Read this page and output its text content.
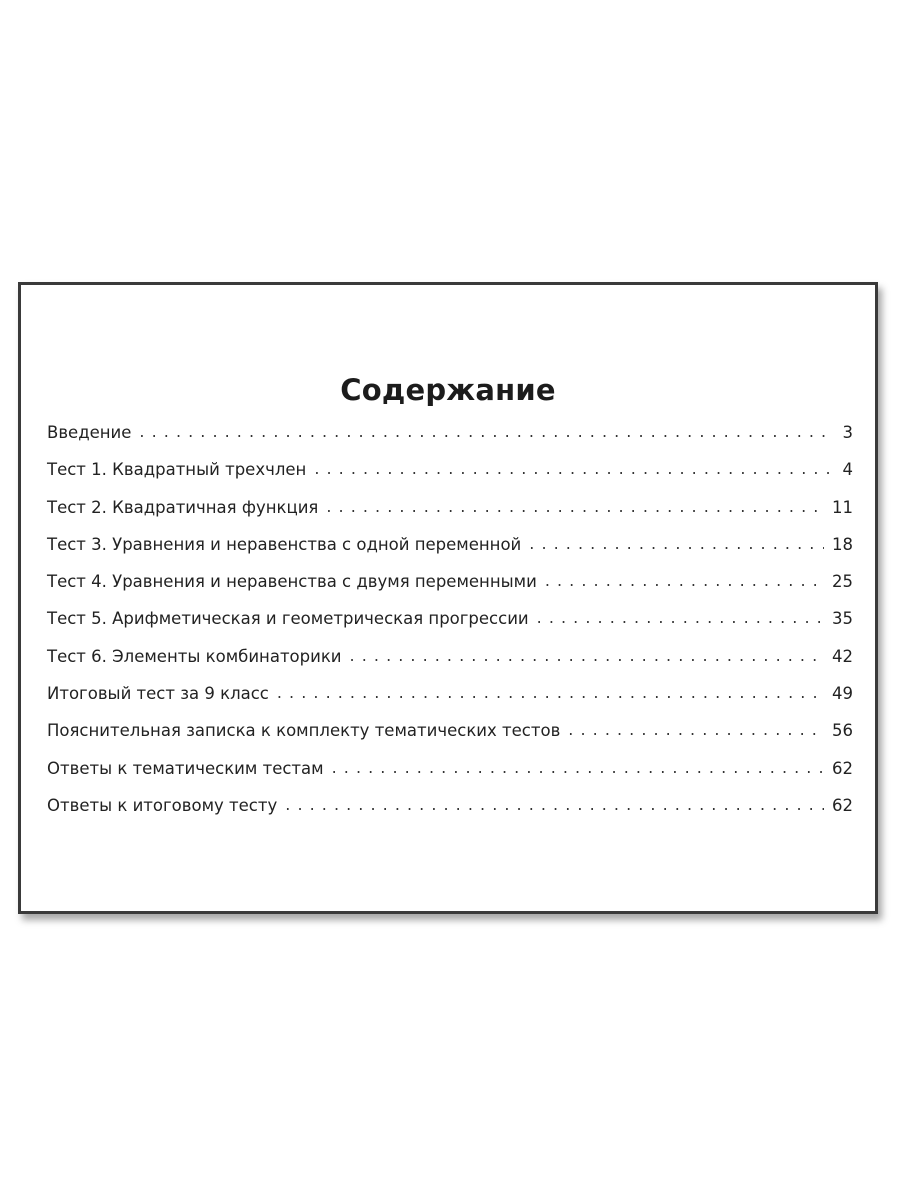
Содержание
Введение . . .	3
Тест 1. Квадратный трехчлен . . .	4
Тест 2. Квадратичная функция . . .	11
Тест 3. Уравнения и неравенства с одной переменной . . .	18
Тест 4. Уравнения и неравенства с двумя переменными . . .	25
Тест 5. Арифметическая и геометрическая прогрессии . . .	35
Тест 6. Элементы комбинаторики . . .	42
Итоговый тест за 9 класс . . .	49
Пояснительная записка к комплекту тематических тестов . . .	56
Ответы к тематическим тестам . . .	62
Ответы к итоговому тесту . . .	62
